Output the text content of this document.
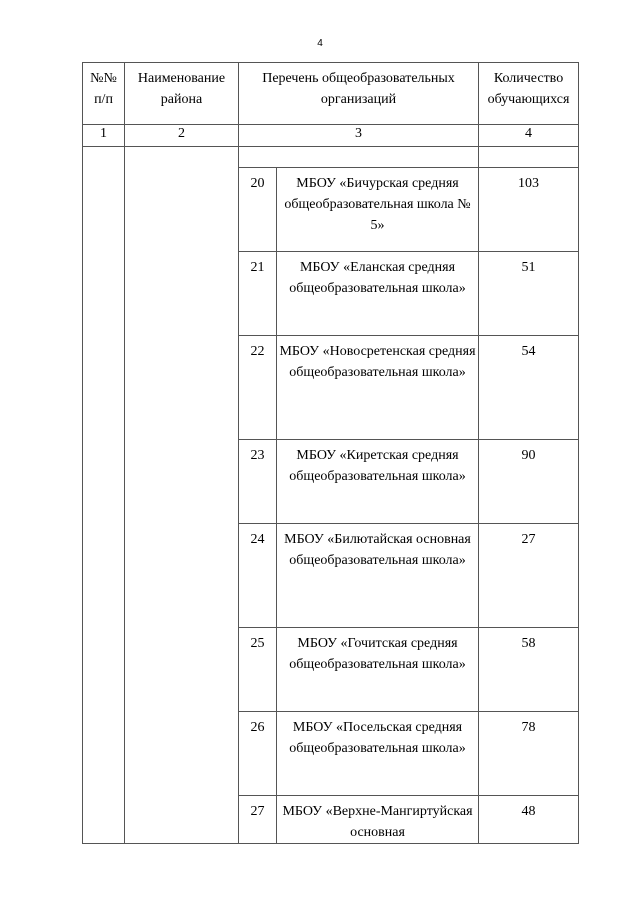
4
№№ п/п	Наименование района	Перечень общеобразовательных организаций		Количество обучающихся
1	2	3		4

		20	МБОУ «Бичурская средняя общеобразовательная школа № 5»	103
		21	МБОУ «Еланская средняя общеобразовательная школа»	51
		22	МБОУ «Новосретенская средняя общеобразовательная школа»	54
		23	МБОУ «Киретская средняя общеобразовательная школа»	90
		24	МБОУ «Билютайская основная общеобразовательная школа»	27
		25	МБОУ «Гочитская средняя общеобразовательная школа»	58
		26	МБОУ «Посельская средняя общеобразовательная школа»	78
		27	МБОУ «Верхне-Мангиртуйская основная	48
